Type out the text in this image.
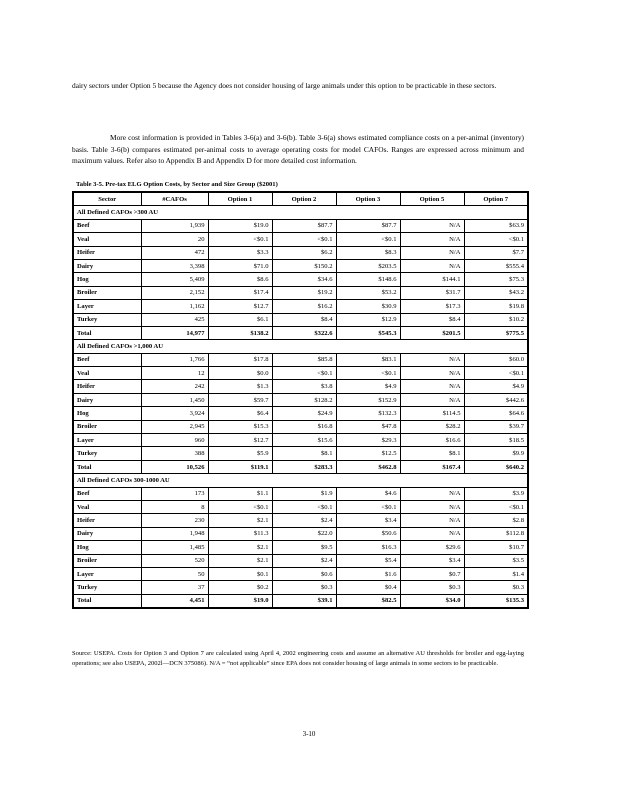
dairy sectors under Option 5 because the Agency does not consider housing of large animals under this option to be practicable in these sectors.

More cost information is provided in Tables 3-6(a) and 3-6(b). Table 3-6(a) shows estimated compliance costs on a per-animal (inventory) basis. Table 3-6(b) compares estimated per-animal costs to average operating costs for model CAFOs. Ranges are expressed across minimum and maximum values. Refer also to Appendix B and Appendix D for more detailed cost information.

Table 3-5. Pre-tax ELG Option Costs, by Sector and Size Group ($2001)
Sector	#CAFOs	Option 1	Option 2	Option 3	Option 5	Option 7
All Defined CAFOs >300 AU						
Beef	1,939	$19.0	$87.7	$87.7	N/A	$63.9
Veal	20	<$0.1	<$0.1	<$0.1	N/A	<$0.1
Heifer	472	$3.3	$6.2	$8.3	N/A	$7.7
Dairy	3,398	$71.0	$150.2	$203.5	N/A	$555.4
Hog	5,409	$8.6	$34.6	$148.6	$144.1	$75.3
Broiler	2,152	$17.4	$19.2	$53.2	$31.7	$43.2
Layer	1,162	$12.7	$16.2	$30.9	$17.3	$19.8
Turkey	425	$6.1	$8.4	$12.9	$8.4	$10.2
Total	14,977	$138.2	$322.6	$545.3	$201.5	$775.5
All Defined CAFOs >1,000 AU						
Beef	1,766	$17.8	$85.8	$83.1	N/A	$60.0
Veal	12	$0.0	<$0.1	<$0.1	N/A	<$0.1
Heifer	242	$1.3	$3.8	$4.9	N/A	$4.9
Dairy	1,450	$59.7	$128.2	$152.9	N/A	$442.6
Hog	3,924	$6.4	$24.9	$132.3	$114.5	$64.6
Broiler	2,945	$15.3	$16.8	$47.8	$28.2	$39.7
Layer	960	$12.7	$15.6	$29.3	$16.6	$18.5
Turkey	388	$5.9	$8.1	$12.5	$8.1	$9.9
Total	10,526	$119.1	$283.3	$462.8	$167.4	$640.2
All Defined CAFOs 300-1000 AU						
Beef	173	$1.1	$1.9	$4.6	N/A	$3.9
Veal	8	<$0.1	<$0.1	<$0.1	N/A	<$0.1
Heifer	230	$2.1	$2.4	$3.4	N/A	$2.8
Dairy	1,948	$11.3	$22.0	$50.6	N/A	$112.8
Hog	1,485	$2.1	$9.5	$16.3	$29.6	$10.7
Broiler	520	$2.1	$2.4	$5.4	$3.4	$3.5
Layer	50	$0.1	$0.6	$1.6	$0.7	$1.4
Turkey	37	$0.2	$0.3	$0.4	$0.3	$0.3
Total	4,451	$19.0	$39.1	$82.5	$34.0	$135.3
Source: USEPA. Costs for Option 3 and Option 7 are calculated using April 4, 2002 engineering costs and assume an alternative AU thresholds for broiler and egg-laying operations; see also USEPA, 2002l—DCN 375086). N/A = “not applicable” since EPA does not consider housing of large animals in some sectors to be practicable.
3-10
